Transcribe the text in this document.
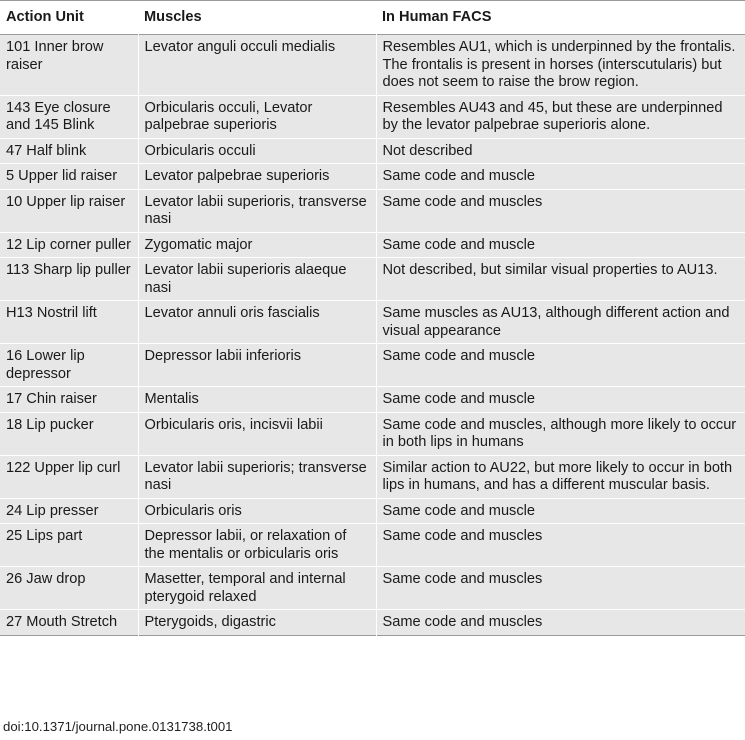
Action Unit	Muscles	In Human FACS
101 Inner brow raiser	Levator anguli occuli medialis	Resembles AU1, which is underpinned by the frontalis. The frontalis is present in horses (interscutularis) but does not seem to raise the brow region.
143 Eye closure and 145 Blink	Orbicularis occuli, Levator palpebrae superioris	Resembles AU43 and 45, but these are underpinned by the levator palpebrae superioris alone.
47 Half blink	Orbicularis occuli	Not described
5 Upper lid raiser	Levator palpebrae superioris	Same code and muscle
10 Upper lip raiser	Levator labii superioris, transverse nasi	Same code and muscles
12 Lip corner puller	Zygomatic major	Same code and muscle
113 Sharp lip puller	Levator labii superioris alaeque nasi	Not described, but similar visual properties to AU13.
H13 Nostril lift	Levator annuli oris fascialis	Same muscles as AU13, although different action and visual appearance
16 Lower lip depressor	Depressor labii inferioris	Same code and muscle
17 Chin raiser	Mentalis	Same code and muscle
18 Lip pucker	Orbicularis oris, incisvii labii	Same code and muscles, although more likely to occur in both lips in humans
122 Upper lip curl	Levator labii superioris; transverse nasi	Similar action to AU22, but more likely to occur in both lips in humans, and has a different muscular basis.
24 Lip presser	Orbicularis oris	Same code and muscle
25 Lips part	Depressor labii, or relaxation of the mentalis or orbicularis oris	Same code and muscles
26 Jaw drop	Masetter, temporal and internal pterygoid relaxed	Same code and muscles
27 Mouth Stretch	Pterygoids, digastric	Same code and muscles
doi:10.1371/journal.pone.0131738.t001
